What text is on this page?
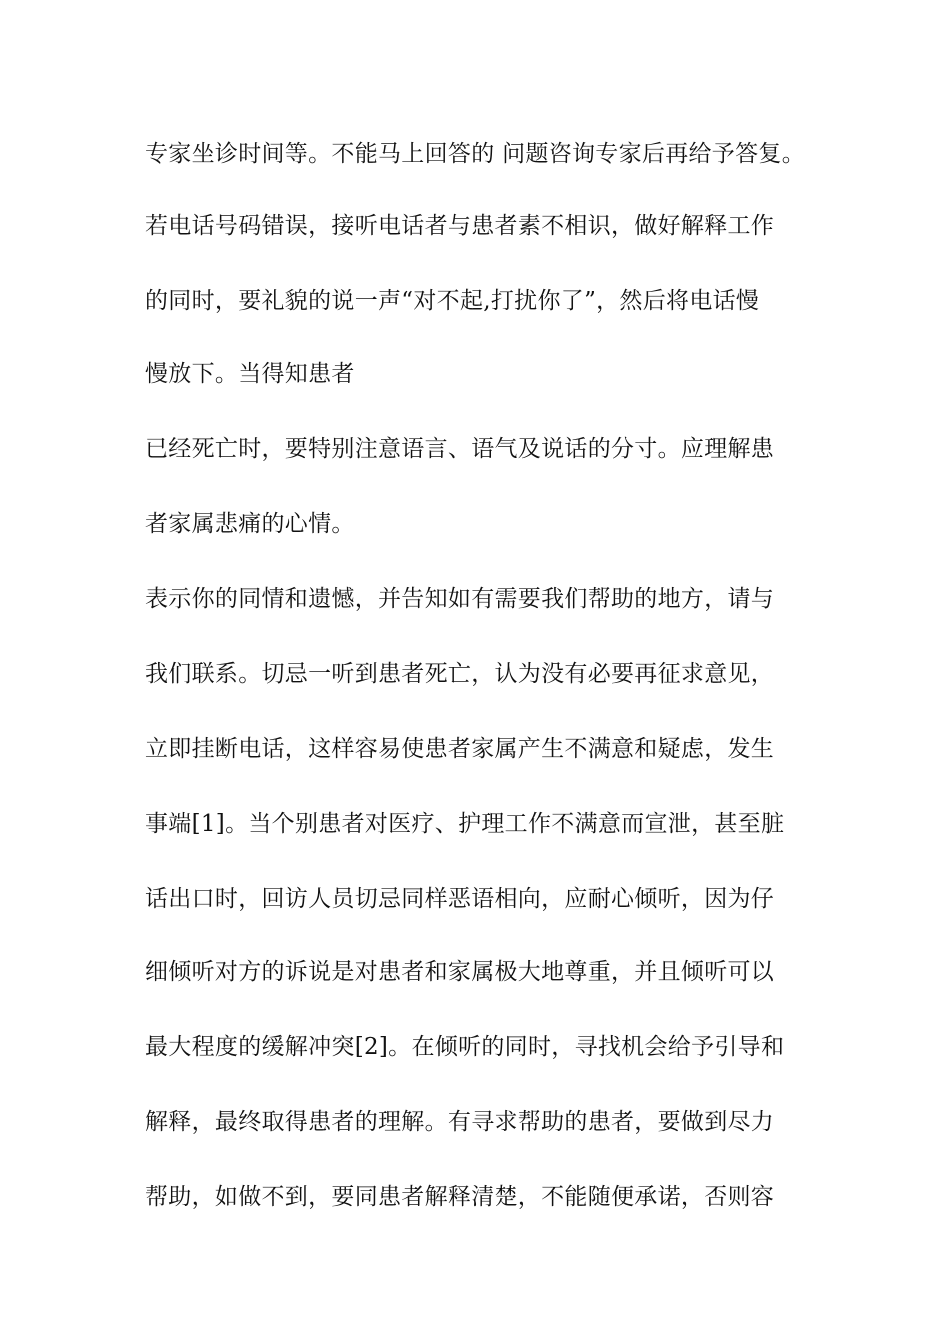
专家坐诊时间等。不能马上回答的 问题咨询专家后再给予答复。

若电话号码错误，接听电话者与患者素不相识，做好解释工作

的同时，要礼貌的说一声“对不起,打扰你了”，然后将电话慢

慢放下。当得知患者

已经死亡时，要特别注意语言、语气及说话的分寸。应理解患

者家属悲痛的心情。

表示你的同情和遗憾，并告知如有需要我们帮助的地方，请与

我们联系。切忌一听到患者死亡，认为没有必要再征求意见，

立即挂断电话，这样容易使患者家属产生不满意和疑虑，发生

事端[1]。当个别患者对医疗、护理工作不满意而宣泄，甚至脏

话出口时，回访人员切忌同样恶语相向，应耐心倾听，因为仔

细倾听对方的诉说是对患者和家属极大地尊重，并且倾听可以

最大程度的缓解冲突[2]。在倾听的同时，寻找机会给予引导和

解释，最终取得患者的理解。有寻求帮助的患者，要做到尽力

帮助，如做不到，要同患者解释清楚，不能随便承诺，否则容
